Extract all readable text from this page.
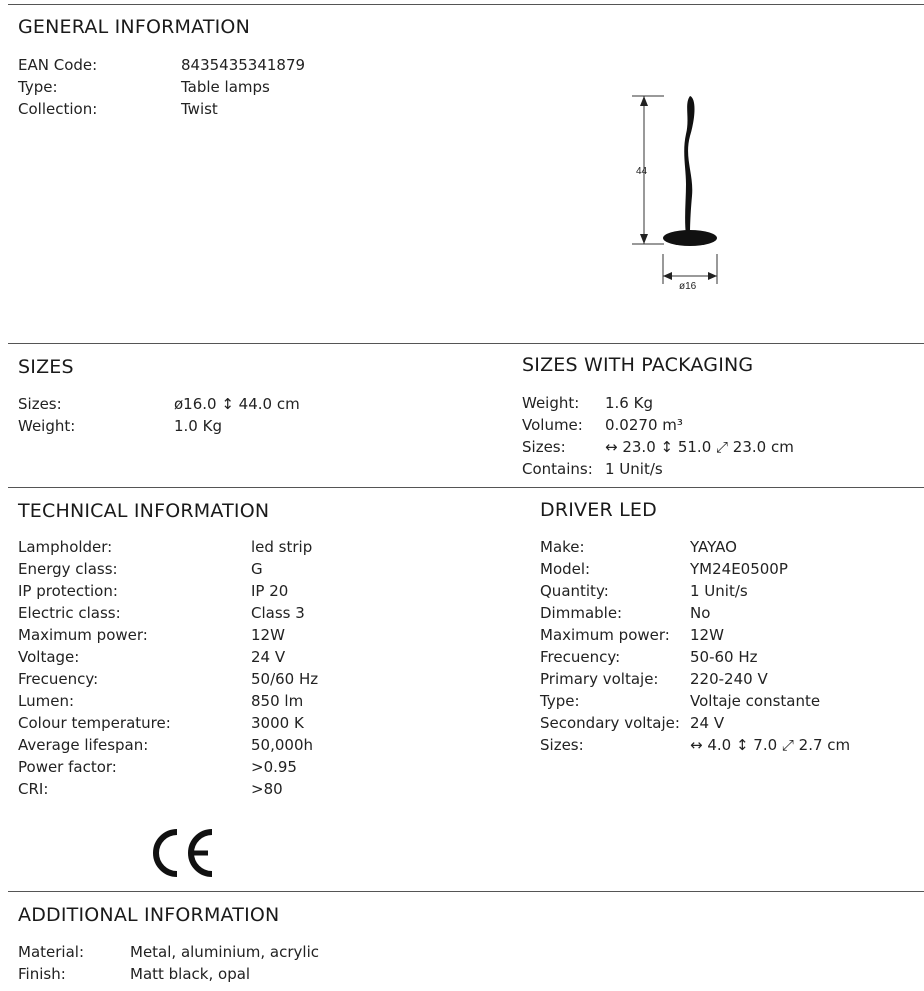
GENERAL INFORMATION
EAN Code:	8435435341879
Type:	Table lamps
Collection:	Twist
44
ø16
SIZES
Sizes:	ø16.0 ↕ 44.0 cm
Weight:	1.0 Kg
SIZES WITH PACKAGING
Weight: 1.6 Kg
Volume: 0.0270 m³
Sizes:	↔ 23.0 ↕ 51.0 ⤢ 23.0 cm
Contains: 1 Unit/s
TECHNICAL INFORMATION
Lampholder:	led strip
Energy class:	G
IP protection:	IP 20
Electric class:	Class 3
Maximum power:	12W
Voltage:	24 V
Frecuency:	50/60 Hz
Lumen:	850 lm
Colour temperature:	3000 K
Average lifespan:	50,000h
Power factor:	>0.95
CRI:	>80
DRIVER LED
Make:	YAYAO
Model:	YM24E0500P
Quantity:	1 Unit/s
Dimmable:	No
Maximum power: 12W
Frecuency:	50-60 Hz
Primary voltaje: 220-240 V
Type:	Voltaje constante
Secondary voltaje: 24 V
Sizes:	↔ 4.0 ↕ 7.0 ⤢ 2.7 cm
ADDITIONAL INFORMATION
Material:	Metal, aluminium, acrylic
Finish:	Matt black, opal
